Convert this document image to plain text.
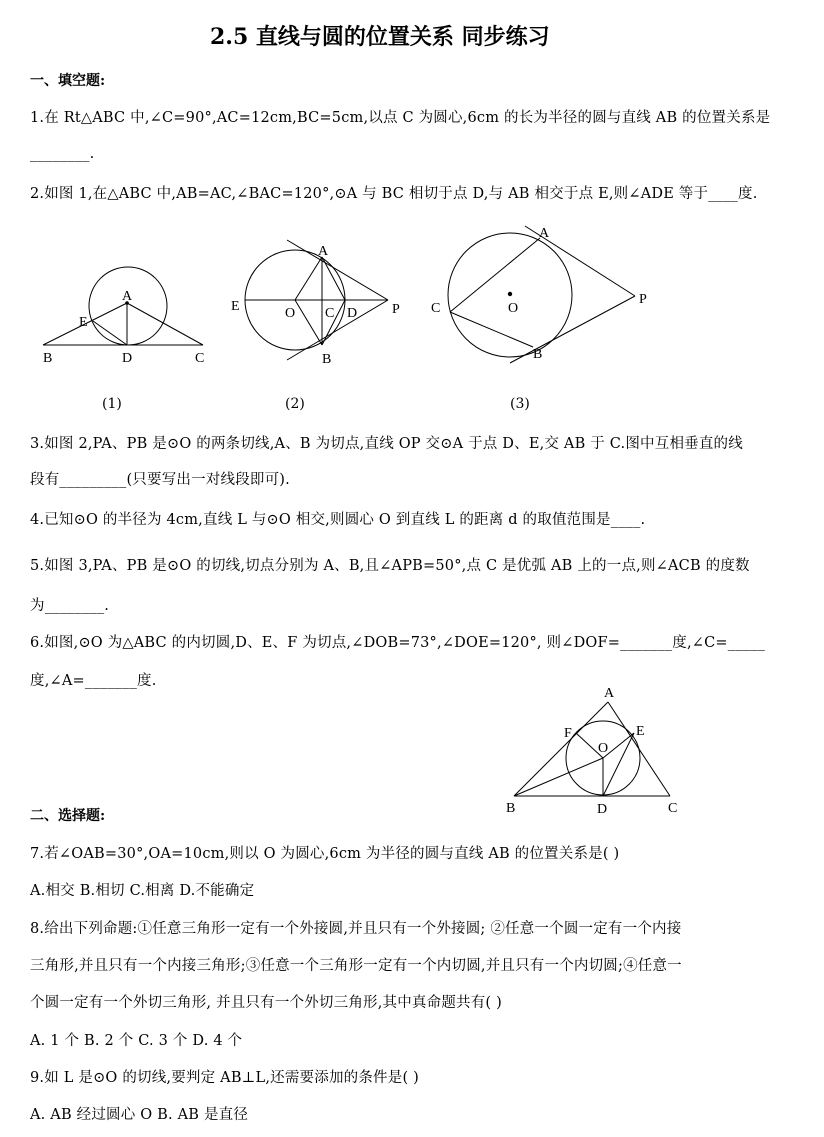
2.5 直线与圆的位置关系 同步练习
一、填空题:
1.在 Rt△ABC 中,∠C=90°,AC=12cm,BC=5cm,以点 C 为圆心,6cm 的长为半径的圆与直线 AB 的位置关系是
________.
2.如图 1,在△ABC 中,AB=AC,∠BAC=120°,⊙A 与 BC 相切于点 D,与 AB 相交于点 E,则∠ADE 等于____度.
A
E
B	D	C
(1)
A
E	O C D P
B
(2)
A
C	O
P
B
(3)
3.如图 2,PA、PB 是⊙O 的两条切线,A、B 为切点,直线 OP 交⊙A 于点 D、E,交 AB 于 C.图中互相垂直的线
段有_________(只要写出一对线段即可).
4.已知⊙O 的半径为 4cm,直线 L 与⊙O 相交,则圆心 O 到直线 L 的距离 d 的取值范围是____.
5.如图 3,PA、PB 是⊙O 的切线,切点分别为 A、B,且∠APB=50°,点 C 是优弧 AB 上的一点,则∠ACB 的度数
为________.
6.如图,⊙O 为△ABC 的内切圆,D、E、F 为切点,∠DOB=73°,∠DOE=120°, 则∠DOF=_______度,∠C=_____
度,∠A=_______度.
A
F	E
O
B	D	C
二、选择题:
7.若∠OAB=30°,OA=10cm,则以 O 为圆心,6cm 为半径的圆与直线 AB 的位置关系是( )
A.相交 B.相切 C.相离 D.不能确定
8.给出下列命题:①任意三角形一定有一个外接圆,并且只有一个外接圆; ②任意一个圆一定有一个内接
三角形,并且只有一个内接三角形;③任意一个三角形一定有一个内切圆,并且只有一个内切圆;④任意一
个圆一定有一个外切三角形, 并且只有一个外切三角形,其中真命题共有( )
A. 1 个 B. 2 个 C. 3 个 D. 4 个
9.如 L 是⊙O 的切线,要判定 AB⊥L,还需要添加的条件是( )
A. AB 经过圆心 O B. AB 是直径
